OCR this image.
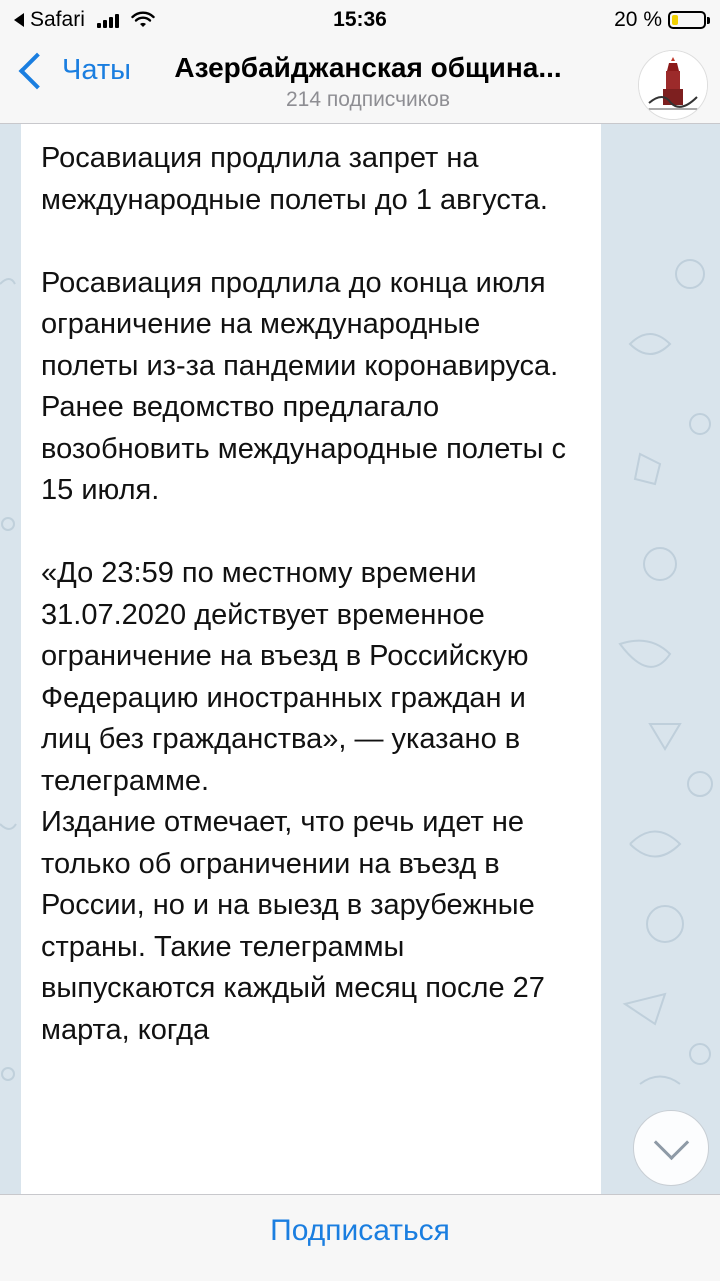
Safari	15:36	20 %
Чаты	Азербайджанская община...
214 подписчиков

Росавиация продлила запрет на международные полеты до 1 августа.

Росавиация продлила до конца июля ограничение на международные полеты из-за пандемии коронавируса. Ранее ведомство предлагало возобновить международные полеты с 15 июля.

«До 23:59 по местному времени 31.07.2020 действует временное ограничение на въезд в Российскую Федерацию иностранных граждан и лиц без гражданства», — указано в телеграмме.

Издание отмечает, что речь идет не только об ограничении на въезд в России, но и на выезд в зарубежные страны. Такие телеграммы выпускаются каждый месяц после 27 марта, когда

Подписаться
